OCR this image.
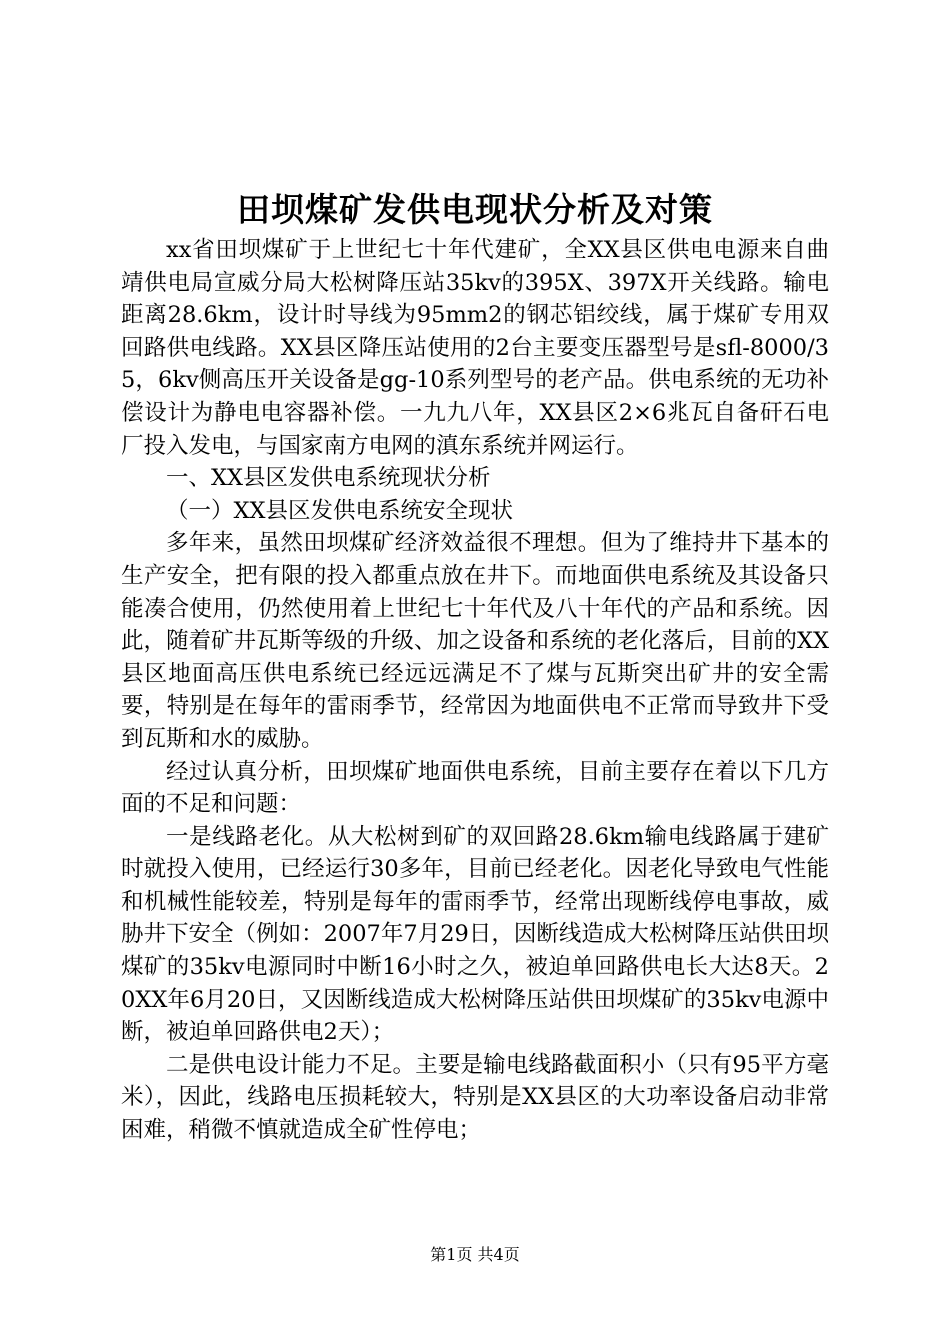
田坝煤矿发供电现状分析及对策

xx省田坝煤矿于上世纪七十年代建矿，全XX县区供电电源来自曲靖供电局宣威分局大松树降压站35kv的395X、397X开关线路。输电距离28.6km，设计时导线为95mm2的钢芯铝绞线，属于煤矿专用双回路供电线路。XX县区降压站使用的2台主要变压器型号是sfl-8000/35，6kv侧高压开关设备是gg-10系列型号的老产品。供电系统的无功补偿设计为静电电容器补偿。一九九八年，XX县区2×6兆瓦自备矸石电厂投入发电，与国家南方电网的滇东系统并网运行。

一、XX县区发供电系统现状分析

（一）XX县区发供电系统安全现状

多年来，虽然田坝煤矿经济效益很不理想。但为了维持井下基本的生产安全，把有限的投入都重点放在井下。而地面供电系统及其设备只能凑合使用，仍然使用着上世纪七十年代及八十年代的产品和系统。因此，随着矿井瓦斯等级的升级、加之设备和系统的老化落后，目前的XX县区地面高压供电系统已经远远满足不了煤与瓦斯突出矿井的安全需要，特别是在每年的雷雨季节，经常因为地面供电不正常而导致井下受到瓦斯和水的威胁。

经过认真分析，田坝煤矿地面供电系统，目前主要存在着以下几方面的不足和问题：

一是线路老化。从大松树到矿的双回路28.6km输电线路属于建矿时就投入使用，已经运行30多年，目前已经老化。因老化导致电气性能和机械性能较差，特别是每年的雷雨季节，经常出现断线停电事故，威胁井下安全（例如：2007年7月29日，因断线造成大松树降压站供田坝煤矿的35kv电源同时中断16小时之久，被迫单回路供电长大达8天。20XX年6月20日，又因断线造成大松树降压站供田坝煤矿的35kv电源中断，被迫单回路供电2天）；

二是供电设计能力不足。主要是输电线路截面积小（只有95平方毫米），因此，线路电压损耗较大，特别是XX县区的大功率设备启动非常困难，稍微不慎就造成全矿性停电；

第1页 共4页
